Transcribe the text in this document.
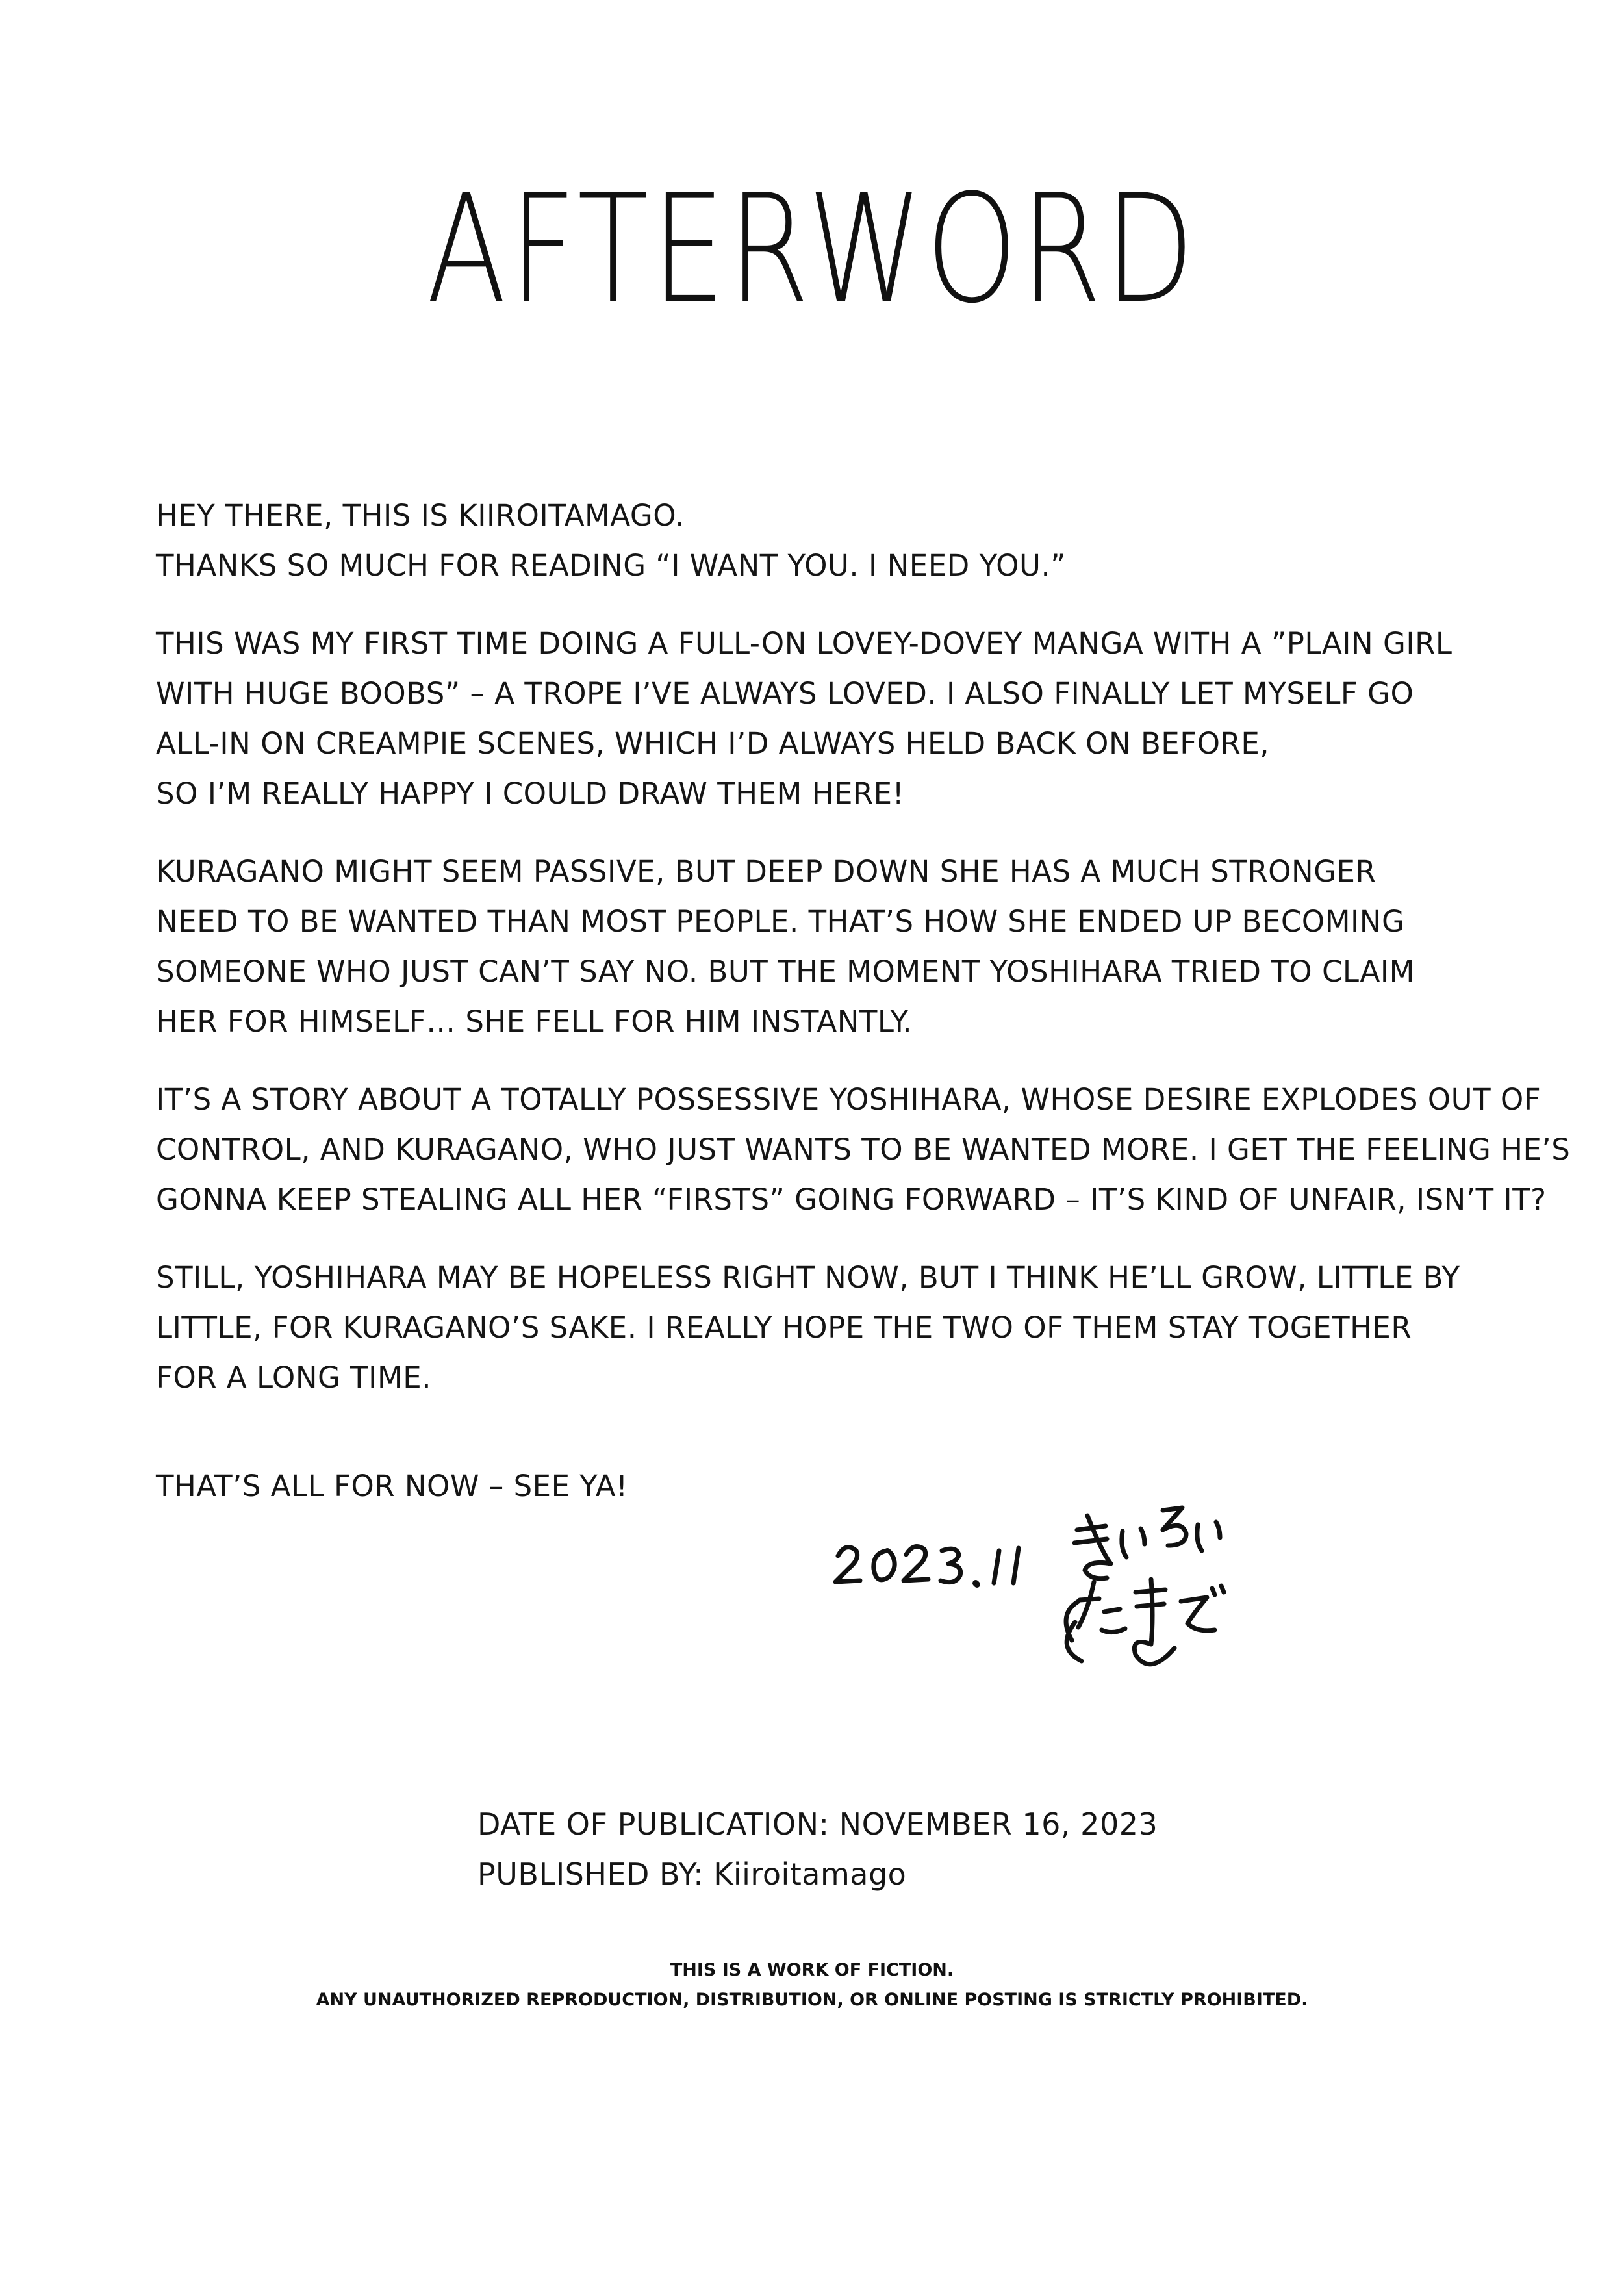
AFTERWORD
HEY THERE, THIS IS KIIROITAMAGO.
THANKS SO MUCH FOR READING “I WANT YOU. I NEED YOU.”
THIS WAS MY FIRST TIME DOING A FULL-ON LOVEY-DOVEY MANGA WITH A ”PLAIN GIRL
WITH HUGE BOOBS” – A TROPE I’VE ALWAYS LOVED. I ALSO FINALLY LET MYSELF GO
ALL-IN ON CREAMPIE SCENES, WHICH I’D ALWAYS HELD BACK ON BEFORE,
SO I’M REALLY HAPPY I COULD DRAW THEM HERE!
KURAGANO MIGHT SEEM PASSIVE, BUT DEEP DOWN SHE HAS A MUCH STRONGER
NEED TO BE WANTED THAN MOST PEOPLE. THAT’S HOW SHE ENDED UP BECOMING
SOMEONE WHO JUST CAN’T SAY NO. BUT THE MOMENT YOSHIHARA TRIED TO CLAIM
HER FOR HIMSELF… SHE FELL FOR HIM INSTANTLY.
IT’S A STORY ABOUT A TOTALLY POSSESSIVE YOSHIHARA, WHOSE DESIRE EXPLODES OUT OF
CONTROL, AND KURAGANO, WHO JUST WANTS TO BE WANTED MORE. I GET THE FEELING HE’S
GONNA KEEP STEALING ALL HER “FIRSTS” GOING FORWARD – IT’S KIND OF UNFAIR, ISN’T IT?
STILL, YOSHIHARA MAY BE HOPELESS RIGHT NOW, BUT I THINK HE’LL GROW, LITTLE BY
LITTLE, FOR KURAGANO’S SAKE. I REALLY HOPE THE TWO OF THEM STAY TOGETHER
FOR A LONG TIME.
THAT’S ALL FOR NOW – SEE YA!
DATE OF PUBLICATION: NOVEMBER 16, 2023
PUBLISHED BY: Kiiroitamago
THIS IS A WORK OF FICTION.
ANY UNAUTHORIZED REPRODUCTION, DISTRIBUTION, OR ONLINE POSTING IS STRICTLY PROHIBITED.
